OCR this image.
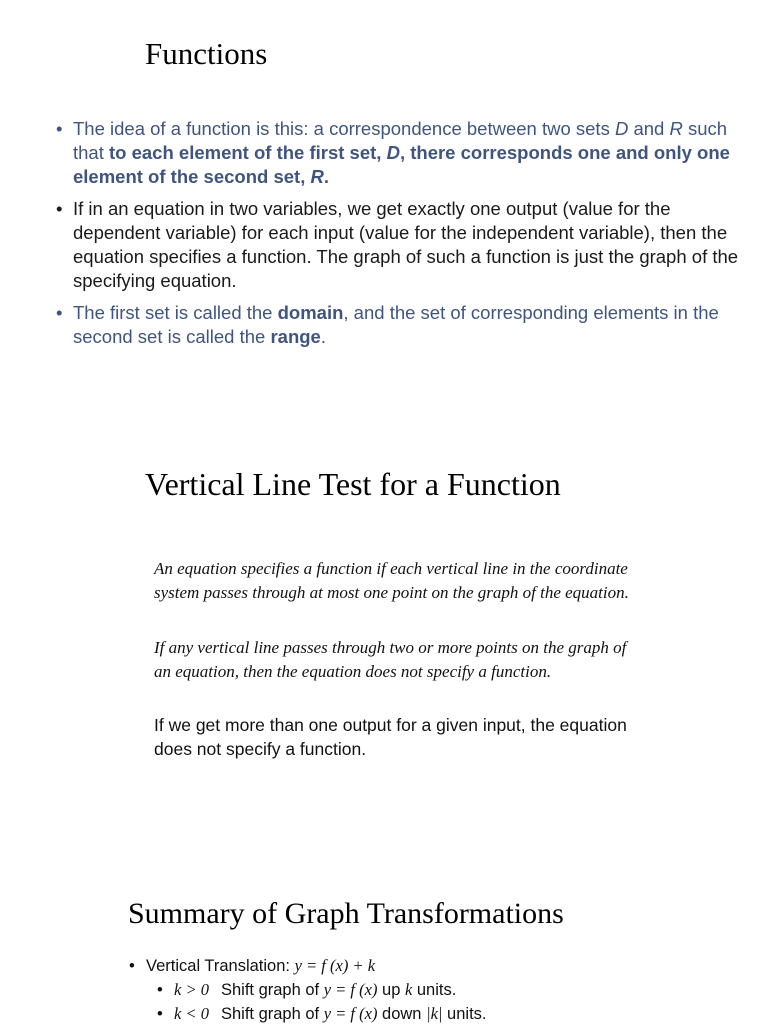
Functions
• The idea of a function is this: a correspondence between two sets D and R such that to each element of the first set, D, there corresponds one and only one element of the second set, R.
• If in an equation in two variables, we get exactly one output (value for the dependent variable) for each input (value for the independent variable), then the equation specifies a function. The graph of such a function is just the graph of the specifying equation.
• The first set is called the domain, and the set of corresponding elements in the second set is called the range.
Vertical Line Test for a Function
An equation specifies a function if each vertical line in the coordinate system passes through at most one point on the graph of the equation.
If any vertical line passes through two or more points on the graph of an equation, then the equation does not specify a function.
If we get more than one output for a given input, the equation does not specify a function.
Summary of Graph Transformations
• Vertical Translation: y = f (x) + k
• k > 0 Shift graph of y = f (x) up k units.
• k < 0 Shift graph of y = f (x) down |k| units.
